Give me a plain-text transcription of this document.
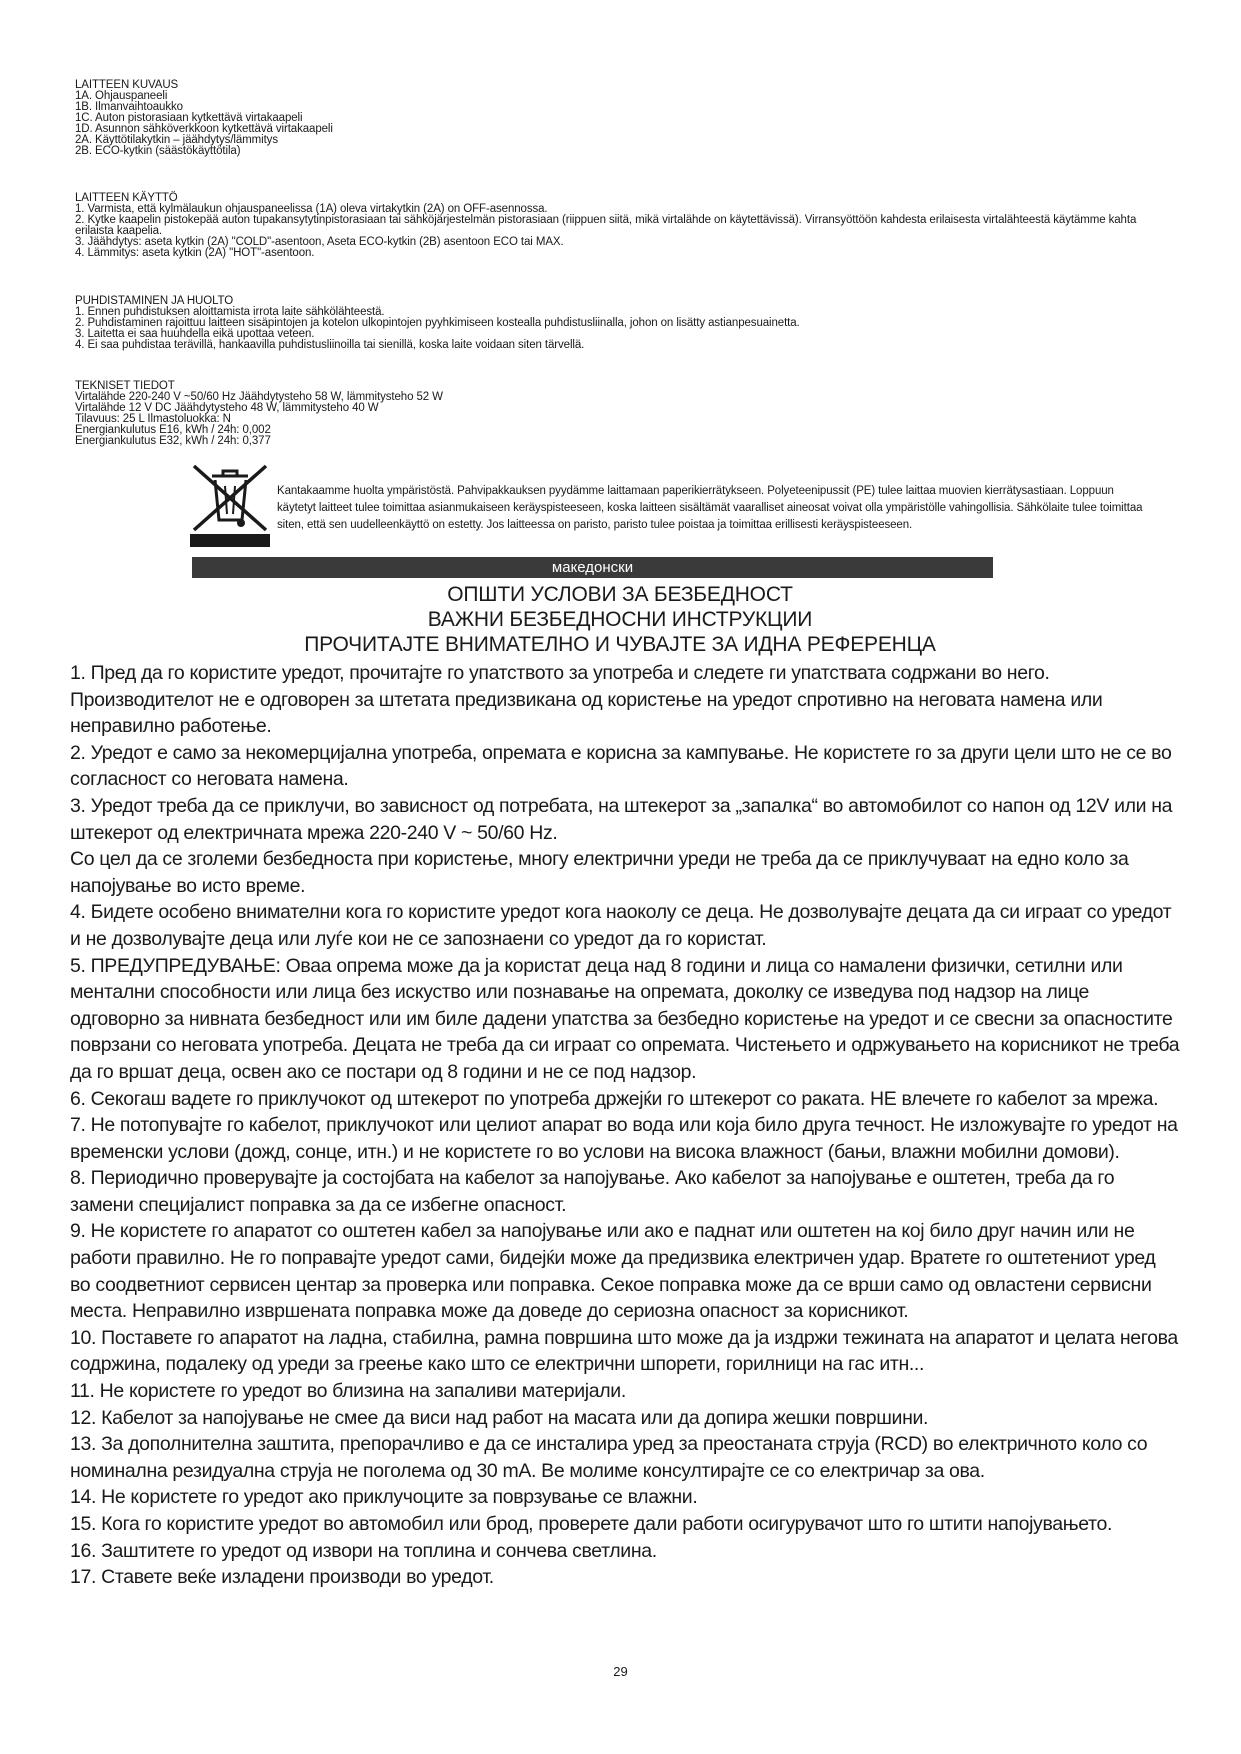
LAITTEEN KUVAUS
1A. Ohjauspaneeli
1B. Ilmanvaihtoaukko
1C. Auton pistorasiaan kytkettävä virtakaapeli
1D. Asunnon sähköverkkoon kytkettävä virtakaapeli
2A. Käyttötilakytkin – jäähdytys/lämmitys
2B. ECO-kytkin (säästökäyttötila)
LAITTEEN KÄYTTÖ
1. Varmista, että kylmälaukun ohjauspaneelissa (1A) oleva virtakytkin (2A) on OFF-asennossa.
2. Kytke kaapelin pistokepää auton tupakansytytinpistorasiaan tai sähköjärjestelmän pistorasiaan (riippuen siitä, mikä virtalähde on käytettävissä). Virransyöttöön kahdesta erilaisesta virtalähteestä käytämme kahta erilaista kaapelia.
3. Jäähdytys: aseta kytkin (2A) "COLD"-asentoon, Aseta ECO-kytkin (2B) asentoon ECO tai MAX.
4. Lämmitys: aseta kytkin (2A) "HOT"-asentoon.
PUHDISTAMINEN JA HUOLTO
1. Ennen puhdistuksen aloittamista irrota laite sähkölähteestä.
2. Puhdistaminen rajoittuu laitteen sisäpintojen ja kotelon ulkopintojen pyyhkimiseen kostealla puhdistusliinalla, johon on lisätty astianpesuainetta.
3. Laitetta ei saa huuhdella eikä upottaa veteen.
4. Ei saa puhdistaa terävillä, hankaavilla puhdistusliinoilla tai sienillä, koska laite voidaan siten tärvellä.
TEKNISET TIEDOT
Virtalähde 220-240 V ~50/60 Hz Jäähdytysteho 58 W, lämmitysteho 52 W
Virtalähde 12 V DC Jäähdytysteho 48 W, lämmitysteho 40 W
Tilavuus: 25 L Ilmastoluokka: N
Energiankulutus E16, kWh / 24h: 0,002
Energiankulutus E32, kWh / 24h: 0,377
Kantakaamme huolta ympäristöstä. Pahvipakkauksen pyydämme laittamaan paperikierrätykseen. Polyeteenipussit (PE) tulee laittaa muovien kierrätysastiaan. Loppuun käytetyt laitteet tulee toimittaa asianmukaiseen keräyspisteeseen, koska laitteen sisältämät vaaralliset aineosat voivat olla ympäristölle vahingollisia. Sähkölaite tulee toimittaa siten, että sen uudelleenkäyttö on estetty. Jos laitteessa on paristo, paristo tulee poistaa ja toimittaa erillisesti keräyspisteeseen.
македонски
ОПШТИ УСЛОВИ ЗА БЕЗБЕДНОСТ
ВАЖНИ БЕЗБЕДНОСНИ ИНСТРУКЦИИ
ПРОЧИТАЈТЕ ВНИМАТЕЛНО И ЧУВАЈТЕ ЗА ИДНА РЕФЕРЕНЦА

1. Пред да го користите уредот, прочитајте го упатството за употреба и следете ги упатствата содржани во него. Производителот не е одговорен за штетата предизвикана од користење на уредот спротивно на неговата намена или неправилно работење.

2. Уредот е само за некомерцијална употреба, опремата е корисна за кампување. Не користете го за други цели што не се во согласност со неговата намена.

3. Уредот треба да се приклучи, во зависност од потребата, на штекерот за „запалка“ во автомобилот со напон од 12V или на штекерот од електричната мрежа 220-240 V ~ 50/60 Hz.

Со цел да се зголеми безбедноста при користење, многу електрични уреди не треба да се приклучуваат на едно коло за напојување во исто време.

4. Бидете особено внимателни кога го користите уредот кога наоколу се деца. Не дозволувајте децата да си играат со уредот и не дозволувајте деца или луѓе кои не се запознаени со уредот да го користат.

5. ПРЕДУПРЕДУВАЊЕ: Оваа опрема може да ја користат деца над 8 години и лица со намалени физички, сетилни или ментални способности или лица без искуство или познавање на опремата, доколку се изведува под надзор на лице одговорно за нивната безбедност или им биле дадени упатства за безбедно користење на уредот и се свесни за опасностите поврзани со неговата употреба. Децата не треба да си играат со опремата. Чистењето и одржувањето на корисникот не треба да го вршат деца, освен ако се постари од 8 години и не се под надзор.

6. Секогаш вадете го приклучокот од штекерот по употреба држејќи го штекерот со раката. НЕ влечете го кабелот за мрежа.

7. Не потопувајте го кабелот, приклучокот или целиот апарат во вода или која било друга течност. Не изложувајте го уредот на временски услови (дожд, сонце, итн.) и не користете го во услови на висока влажност (бањи, влажни мобилни домови).

8. Периодично проверувајте ја состојбата на кабелот за напојување. Ако кабелот за напојување е оштетен, треба да го замени специјалист поправка за да се избегне опасност.

9. Не користете го апаратот со оштетен кабел за напојување или ако е паднат или оштетен на кој било друг начин или не работи правилно. Не го поправајте уредот сами, бидејќи може да предизвика електричен удар. Вратете го оштетениот уред во соодветниот сервисен центар за проверка или поправка. Секое поправка може да се врши само од овластени сервисни места. Неправилно извршената поправка може да доведе до сериозна опасност за корисникот.

10. Поставете го апаратот на ладна, стабилна, рамна површина што може да ја издржи тежината на апаратот и целата негова содржина, подалеку од уреди за греење како што се електрични шпорети, горилници на гас итн...

11. Не користете го уредот во близина на запаливи материјали.

12. Кабелот за напојување не смее да виси над работ на масата или да допира жешки површини.

13. За дополнителна заштита, препорачливо е да се инсталира уред за преостаната струја (RCD) во електричното коло со номинална резидуална струја не поголема од 30 mA. Ве молиме консултирајте се со електричар за ова.

14. Не користете го уредот ако приклучоците за поврзување се влажни.

15. Кога го користите уредот во автомобил или брод, проверете дали работи осигурувачот што го штити напојувањето.

16. Заштитете го уредот од извори на топлина и сончева светлина.

17. Ставете веќе изладени производи во уредот.

29
